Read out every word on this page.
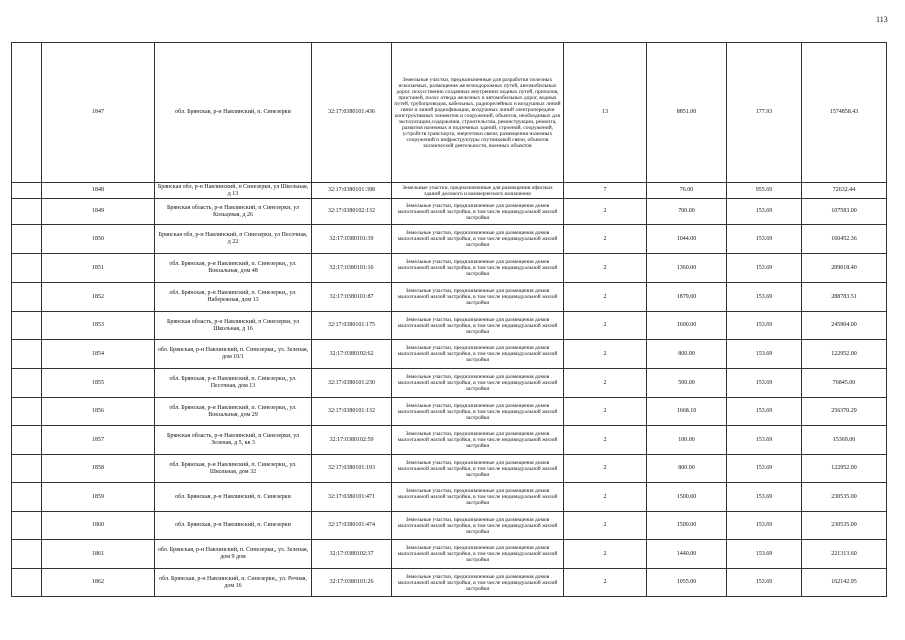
113
	1847	обл. Брянская, р-н Навлинский, п. Синезерки	32:17:0380101:436	Земельные участки, предназначенные для разработки полезных ископаемых, размещения железнодорожных путей, автомобильных дорог, искусственно созданных внутренних водных путей, причалов, пристаней, полос отвода железных и автомобильных дорог, водных путей, трубопроводов, кабельных, радиорелейных и воздушных линий связи и линий радиофикации, воздушных линий электропередачи конструктивных элементов и сооружений, объектов, необходимых для эксплуатации,содержания, строительства, реконструкции, ремонта, развития наземных и подземных зданий, строений, сооружений, устройств транспорта, энергетики связи; размещения наземных сооружений и инфраструктуры спутниковой связи, объектов космической деятельности, военных объектов	13	8851.00	177.93	1574858.43
	1848	Брянская обл, р-н Навлинский, п Синезерки, ул Школьная, д 13	32:17:0380101:398	Земельные участки, предназначенные для размещения офисных зданий делового и коммерческого назначения	7	76.00	955.69	72632.44
	1849	Брянская область, р-н Навлинский, п Синезерки, ул Кольцевая, д 26	32:17:0380102:132	Земельные участки, предназначенные для размещения домов малоэтажной жилой застройки, в том числе индивидуальной жилой застройки	2	700.00	153.69	107583.00
	1850	Брянская обл, р-н Навлинский, п Синезерки, ул Песочная, д 22	32:17:0380101:39	Земельные участки, предназначенные для размещения домов малоэтажной жилой застройки, в том числе индивидуальной жилой застройки	2	1044.00	153.69	160452.36
	1851	обл. Брянская, р-н Навлинский, п. Синезерки,, ул. Вокзальная, дом 48	32:17:0380101:16	Земельные участки, предназначенные для размещения домов малоэтажной жилой застройки, в том числе индивидуальной жилой застройки	2	1360.00	153.69	209018.40
	1852	обл. Брянская, р-н Навлинский, п. Синезерки,, ул. Набережная, дом 13	32:17:0380101:87	Земельные участки, предназначенные для размещения домов малоэтажной жилой застройки, в том числе индивидуальной жилой застройки	2	1879.00	153.69	288783.51
	1853	Брянская область, р-н Навлинский, п Синезерки, ул Школьная, д 16	32:17:0380101:175	Земельные участки, предназначенные для размещения домов малоэтажной жилой застройки, в том числе индивидуальной жилой застройки	2	1600.00	153.69	245904.00
	1854	обл. Брянская, р-н Навлинский, п. Синезерки,, ул. Зеленая, дом 10/1	32:17:0380102:62	Земельные участки, предназначенные для размещения домов малоэтажной жилой застройки, в том числе индивидуальной жилой застройки	2	800.00	153.69	122952.00
	1855	обл. Брянская, р-н Навлинский, п. Синезерки,, ул. Песочная, дом 13	32:17:0380101:230	Земельные участки, предназначенные для размещения домов малоэтажной жилой застройки, в том числе индивидуальной жилой застройки	2	500.00	153.69	76845.00
	1856	обл. Брянская, р-н Навлинский, п. Синезерки,, ул. Вокзальная, дом 29	32:17:0380101:132	Земельные участки, предназначенные для размещения домов малоэтажной жилой застройки, в том числе индивидуальной жилой застройки	2	1668.10	153.69	256370.29
	1857	Брянская область, р-н Навлинский, п Синезерки, ул Зеленая, д 5, кв 3	32:17:0380102:59	Земельные участки, предназначенные для размещения домов малоэтажной жилой застройки, в том числе индивидуальной жилой застройки	2	100.00	153.69	15369.00
	1858	обл. Брянская, р-н Навлинский, п. Синезерки,, ул. Школьная, дом 32	32:17:0380101:193	Земельные участки, предназначенные для размещения домов малоэтажной жилой застройки, в том числе индивидуальной жилой застройки	2	800.00	153.69	122952.00
	1859	обл. Брянская, р-н Навлинский, п. Синезерки	32:17:0380101:471	Земельные участки, предназначенные для размещения домов малоэтажной жилой застройки, в том числе индивидуальной жилой застройки	2	1500.00	153.69	230535.00
	1860	обл. Брянская, р-н Навлинский, п. Синезерки	32:17:0380101:474	Земельные участки, предназначенные для размещения домов малоэтажной жилой застройки, в том числе индивидуальной жилой застройки	2	1500.00	153.69	230535.00
	1861	обл. Брянская, р-н Навлинский, п. Синезерки,, ул. Зеленая, дом 9 дом	32:17:0380102:37	Земельные участки, предназначенные для размещения домов малоэтажной жилой застройки, в том числе индивидуальной жилой застройки	2	1440.00	153.69	221313.60
	1862	обл. Брянская, р-н Навлинский, п. Синезерки,, ул. Речная, дом 16	32:17:0380101:26	Земельные участки, предназначенные для размещения домов малоэтажной жилой застройки, в том числе индивидуальной жилой застройки	2	1055.00	153.69	162142.95
